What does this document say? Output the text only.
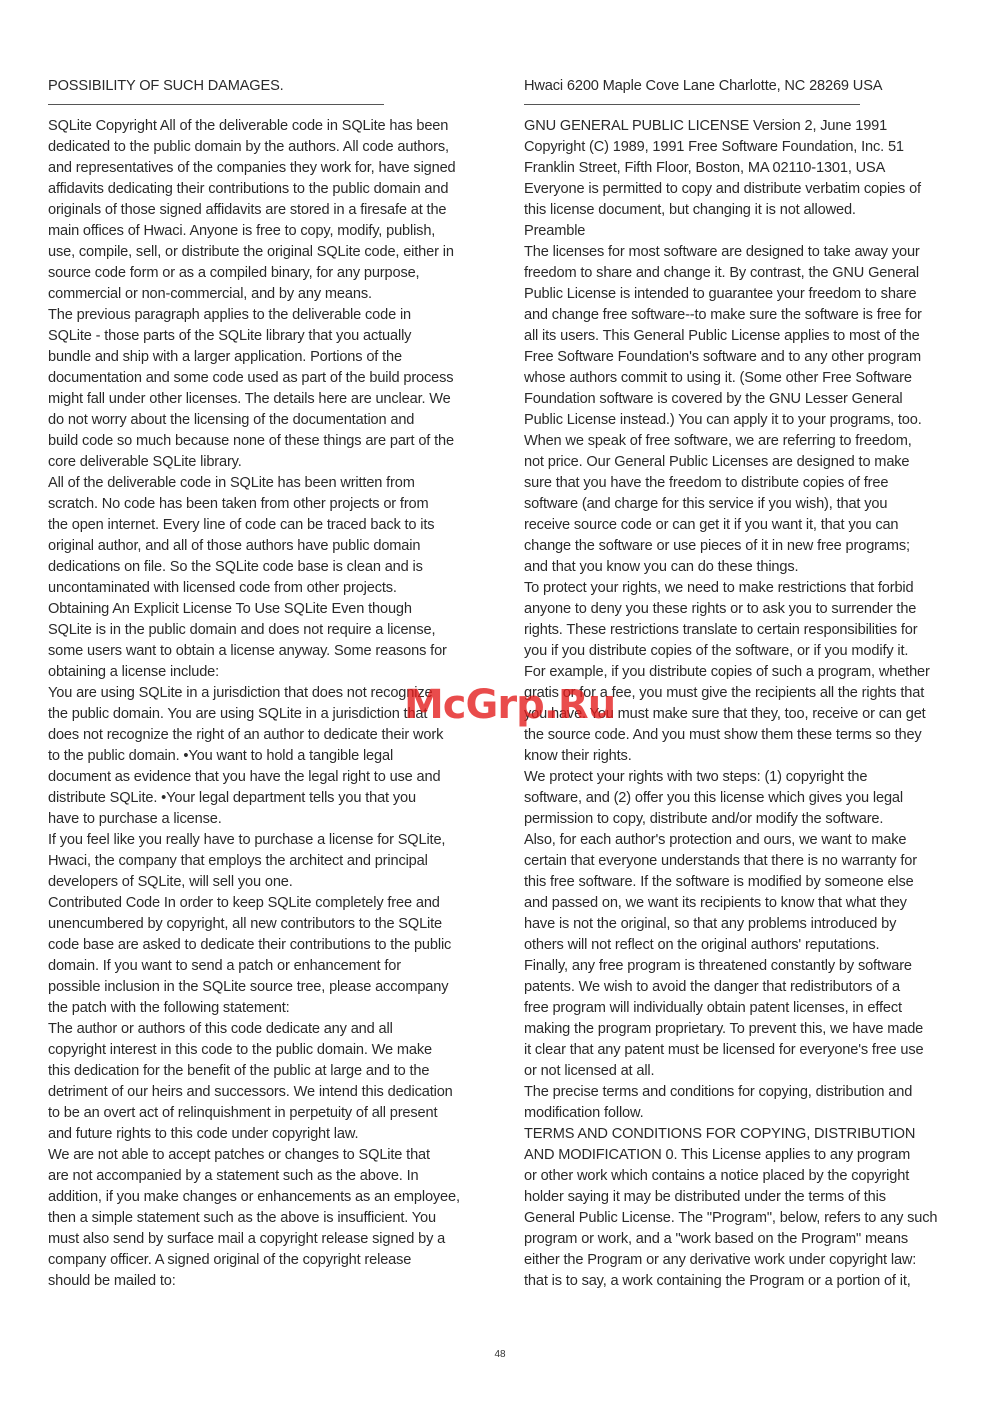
POSSIBILITY OF SUCH DAMAGES.
SQLite Copyright All of the deliverable code in SQLite has been
dedicated to the public domain by the authors. All code authors,
and representatives of the companies they work for, have signed
affidavits dedicating their contributions to the public domain and
originals of those signed affidavits are stored in a firesafe at the
main offices of Hwaci. Anyone is free to copy, modify, publish,
use, compile, sell, or distribute the original SQLite code, either in
source code form or as a compiled binary, for any purpose,
commercial or non-commercial, and by any means.
The previous paragraph applies to the deliverable code in
SQLite - those parts of the SQLite library that you actually
bundle and ship with a larger application. Portions of the
documentation and some code used as part of the build process
might fall under other licenses. The details here are unclear. We
do not worry about the licensing of the documentation and
build code so much because none of these things are part of the
core deliverable SQLite library.
All of the deliverable code in SQLite has been written from
scratch. No code has been taken from other projects or from
the open internet. Every line of code can be traced back to its
original author, and all of those authors have public domain
dedications on file. So the SQLite code base is clean and is
uncontaminated with licensed code from other projects.
Obtaining An Explicit License To Use SQLite Even though
SQLite is in the public domain and does not require a license,
some users want to obtain a license anyway. Some reasons for
obtaining a license include:
You are using SQLite in a jurisdiction that does not recognize
the public domain. You are using SQLite in a jurisdiction that
does not recognize the right of an author to dedicate their work
to the public domain. •You want to hold a tangible legal
document as evidence that you have the legal right to use and
distribute SQLite. •Your legal department tells you that you
have to purchase a license.
If you feel like you really have to purchase a license for SQLite,
Hwaci, the company that employs the architect and principal
developers of SQLite, will sell you one.
Contributed Code In order to keep SQLite completely free and
unencumbered by copyright, all new contributors to the SQLite
code base are asked to dedicate their contributions to the public
domain. If you want to send a patch or enhancement for
possible inclusion in the SQLite source tree, please accompany
the patch with the following statement:
The author or authors of this code dedicate any and all
copyright interest in this code to the public domain. We make
this dedication for the benefit of the public at large and to the
detriment of our heirs and successors. We intend this dedication
to be an overt act of relinquishment in perpetuity of all present
and future rights to this code under copyright law.
We are not able to accept patches or changes to SQLite that
are not accompanied by a statement such as the above. In
addition, if you make changes or enhancements as an employee,
then a simple statement such as the above is insufficient. You
must also send by surface mail a copyright release signed by a
company officer. A signed original of the copyright release
should be mailed to:
Hwaci 6200 Maple Cove Lane Charlotte, NC 28269 USA
GNU GENERAL PUBLIC LICENSE Version 2, June 1991
Copyright (C) 1989, 1991 Free Software Foundation, Inc. 51
Franklin Street, Fifth Floor, Boston, MA 02110-1301, USA
Everyone is permitted to copy and distribute verbatim copies of
this license document, but changing it is not allowed.
Preamble
The licenses for most software are designed to take away your
freedom to share and change it. By contrast, the GNU General
Public License is intended to guarantee your freedom to share
and change free software--to make sure the software is free for
all its users. This General Public License applies to most of the
Free Software Foundation's software and to any other program
whose authors commit to using it. (Some other Free Software
Foundation software is covered by the GNU Lesser General
Public License instead.) You can apply it to your programs, too.
When we speak of free software, we are referring to freedom,
not price. Our General Public Licenses are designed to make
sure that you have the freedom to distribute copies of free
software (and charge for this service if you wish), that you
receive source code or can get it if you want it, that you can
change the software or use pieces of it in new free programs;
and that you know you can do these things.
To protect your rights, we need to make restrictions that forbid
anyone to deny you these rights or to ask you to surrender the
rights. These restrictions translate to certain responsibilities for
you if you distribute copies of the software, or if you modify it.
For example, if you distribute copies of such a program, whether
gratis or for a fee, you must give the recipients all the rights that
you have. You must make sure that they, too, receive or can get
the source code. And you must show them these terms so they
know their rights.
We protect your rights with two steps: (1) copyright the
software, and (2) offer you this license which gives you legal
permission to copy, distribute and/or modify the software.
Also, for each author's protection and ours, we want to make
certain that everyone understands that there is no warranty for
this free software. If the software is modified by someone else
and passed on, we want its recipients to know that what they
have is not the original, so that any problems introduced by
others will not reflect on the original authors' reputations.
Finally, any free program is threatened constantly by software
patents. We wish to avoid the danger that redistributors of a
free program will individually obtain patent licenses, in effect
making the program proprietary. To prevent this, we have made
it clear that any patent must be licensed for everyone's free use
or not licensed at all.
The precise terms and conditions for copying, distribution and
modification follow.
TERMS AND CONDITIONS FOR COPYING, DISTRIBUTION
AND MODIFICATION 0. This License applies to any program
or other work which contains a notice placed by the copyright
holder saying it may be distributed under the terms of this
General Public License. The "Program", below, refers to any such
program or work, and a "work based on the Program" means
either the Program or any derivative work under copyright law:
that is to say, a work containing the Program or a portion of it,
McGrp.Ru
48
